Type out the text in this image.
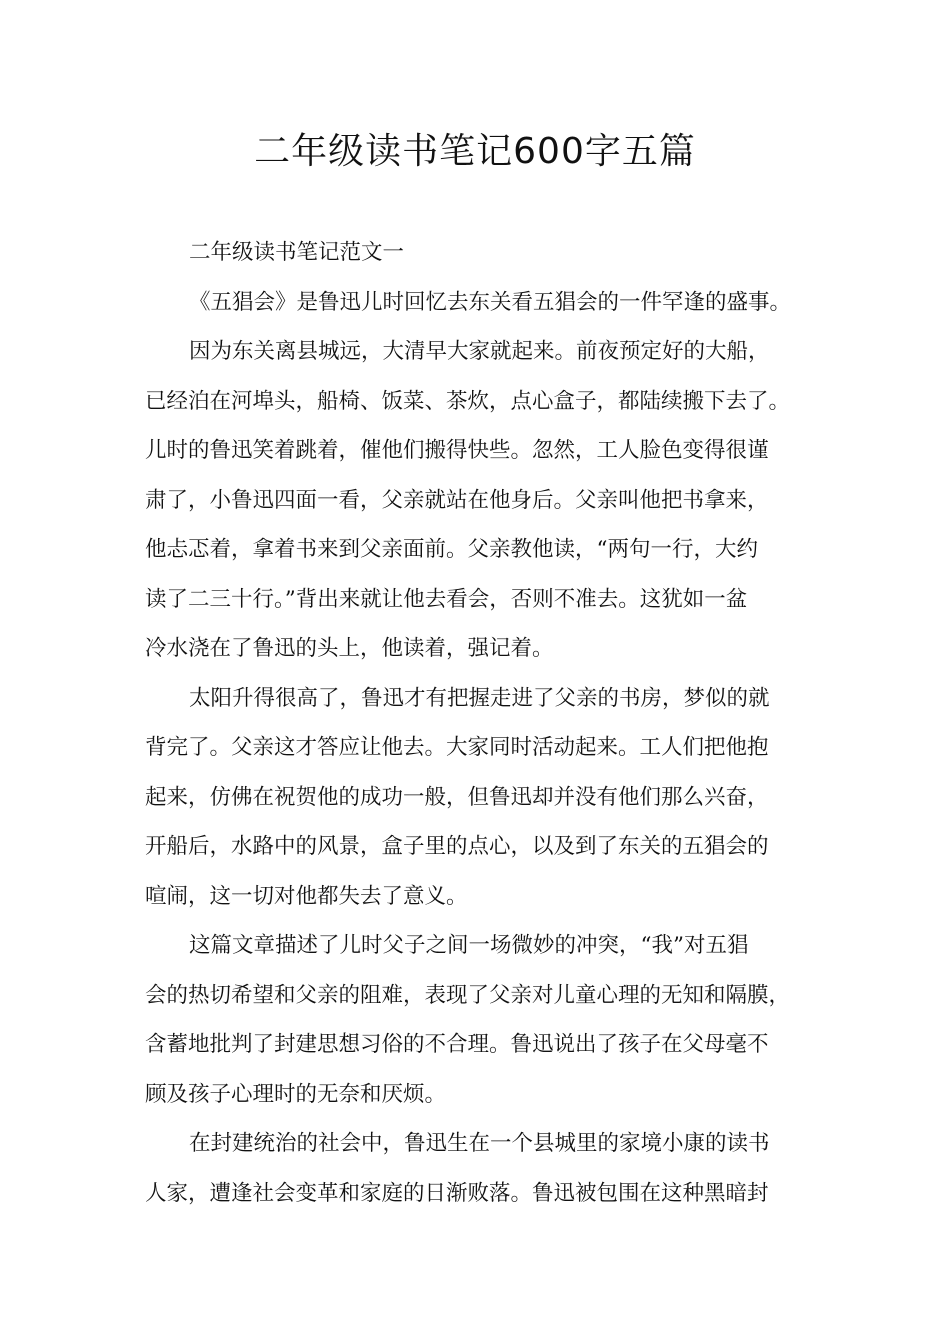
二年级读书笔记600字五篇
二年级读书笔记范文一
《五猖会》是鲁迅儿时回忆去东关看五猖会的一件罕逢的盛事。
因为东关离县城远，大清早大家就起来。前夜预定好的大船，
已经泊在河埠头，船椅、饭菜、茶炊，点心盒子，都陆续搬下去了。
儿时的鲁迅笑着跳着，催他们搬得快些。忽然，工人脸色变得很谨
肃了，小鲁迅四面一看，父亲就站在他身后。父亲叫他把书拿来，
他忐忑着，拿着书来到父亲面前。父亲教他读，“两句一行，大约
读了二三十行。”背出来就让他去看会，否则不准去。这犹如一盆
冷水浇在了鲁迅的头上，他读着，强记着。
太阳升得很高了，鲁迅才有把握走进了父亲的书房，梦似的就
背完了。父亲这才答应让他去。大家同时活动起来。工人们把他抱
起来，仿佛在祝贺他的成功一般，但鲁迅却并没有他们那么兴奋，
开船后，水路中的风景，盒子里的点心，以及到了东关的五猖会的
喧闹，这一切对他都失去了意义。
这篇文章描述了儿时父子之间一场微妙的冲突，“我”对五猖
会的热切希望和父亲的阻难，表现了父亲对儿童心理的无知和隔膜，
含蓄地批判了封建思想习俗的不合理。鲁迅说出了孩子在父母毫不
顾及孩子心理时的无奈和厌烦。
在封建统治的社会中，鲁迅生在一个县城里的家境小康的读书
人家，遭逢社会变革和家庭的日渐败落。鲁迅被包围在这种黑暗封
